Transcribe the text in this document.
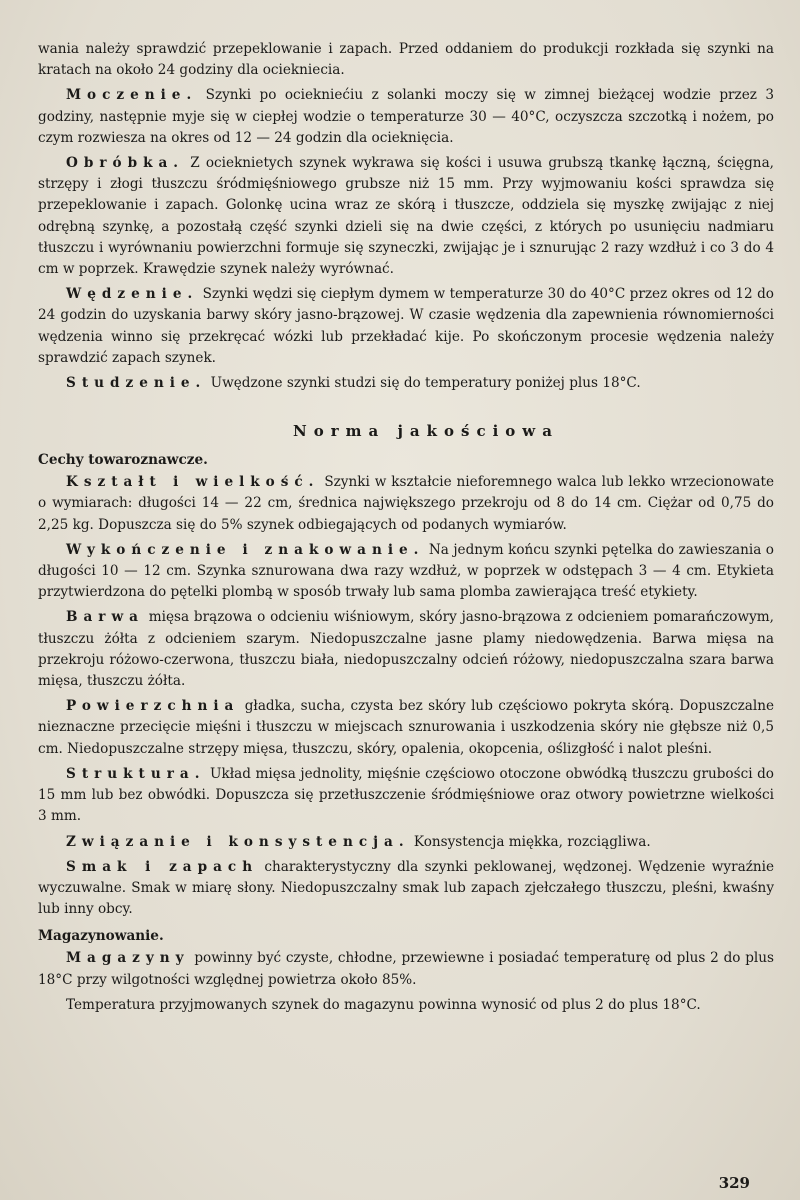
wania należy sprawdzić przepeklowanie i zapach. Przed oddaniem do produkcji rozkłada się szynki na kratach na około 24 godziny dla ociekniecia.

Moczenie. Szynki po ociekniećiu z solanki moczy się w zimnej bieżącej wodzie przez 3 godziny, następnie myje się w ciepłej wodzie o temperaturze 30 — 40°C, oczyszcza szczotką i nożem, po czym rozwiesza na okres od 12 — 24 godzin dla ocieknięcia.

Obróbka. Z ocieknietych szynek wykrawa się kości i usuwa grubszą tkankę łączną, ścięgna, strzępy i złogi tłuszczu śródmięśniowego grubsze niż 15 mm. Przy wyjmowaniu kości sprawdza się przepeklowanie i zapach. Golonkę ucina wraz ze skórą i tłuszcze, oddziela się myszkę zwijając z niej odrębną szynkę, a pozostałą część szynki dzieli się na dwie części, z których po usunięciu nadmiaru tłuszczu i wyrównaniu powierzchni formuje się szyneczki, zwijając je i sznurując 2 razy wzdłuż i co 3 do 4 cm w poprzek. Krawędzie szynek należy wyrównać.

Wędzenie. Szynki wędzi się ciepłym dymem w temperaturze 30 do 40°C przez okres od 12 do 24 godzin do uzyskania barwy skóry jasno-brązowej. W czasie wędzenia dla zapewnienia równomierności wędzenia winno się przekręcać wózki lub przekładać kije. Po skończonym procesie wędzenia należy sprawdzić zapach szynek.

Studzenie. Uwędzone szynki studzi się do temperatury poniżej plus 18°C.

Norma jakościowa
Cechy towaroznawcze.

Kształt i wielkość. Szynki w kształcie nieforemnego walca lub lekko wrzecionowate o wymiarach: długości 14 — 22 cm, średnica największego przekroju od 8 do 14 cm. Ciężar od 0,75 do 2,25 kg. Dopuszcza się do 5% szynek odbiegających od podanych wymiarów.

Wykończenie i znakowanie. Na jednym końcu szynki pętelka do zawieszania o długości 10 — 12 cm. Szynka sznurowana dwa razy wzdłuż, w poprzek w odstępach 3 — 4 cm. Etykieta przytwierdzona do pętelki plombą w sposób trwały lub sama plomba zawierająca treść etykiety.

Barwa mięsa brązowa o odcieniu wiśniowym, skóry jasno-brązowa z odcieniem pomarańczowym, tłuszczu żółta z odcieniem szarym. Niedopuszczalne jasne plamy niedowędzenia. Barwa mięsa na przekroju różowo-czerwona, tłuszczu biała, niedopuszczalny odcień różowy, niedopuszczalna szara barwa mięsa, tłuszczu żółta.

Powierzchnia gładka, sucha, czysta bez skóry lub częściowo pokryta skórą. Dopuszczalne nieznaczne przecięcie mięśni i tłuszczu w miejscach sznurowania i uszkodzenia skóry nie głębsze niż 0,5 cm. Niedopuszczalne strzępy mięsa, tłuszczu, skóry, opalenia, okopcenia, oślizgłość i nalot pleśni.

Struktura. Układ mięsa jednolity, mięśnie częściowo otoczone obwódką tłuszczu grubości do 15 mm lub bez obwódki. Dopuszcza się przetłuszczenie śródmięśniowe oraz otwory powietrzne wielkości 3 mm.

Związanie i konsystencja. Konsystencja miękka, rozciągliwa.

Smak i zapach charakterystyczny dla szynki peklowanej, wędzonej. Wędzenie wyraźnie wyczuwalne. Smak w miarę słony. Niedopuszczalny smak lub zapach zjełczałego tłuszczu, pleśni, kwaśny lub inny obcy.

Magazynowanie.

Magazyny powinny być czyste, chłodne, przewiewne i posiadać temperaturę od plus 2 do plus 18°C przy wilgotności względnej powietrza około 85%.

Temperatura przyjmowanych szynek do magazynu powinna wynosić od plus 2 do plus 18°C.

329
